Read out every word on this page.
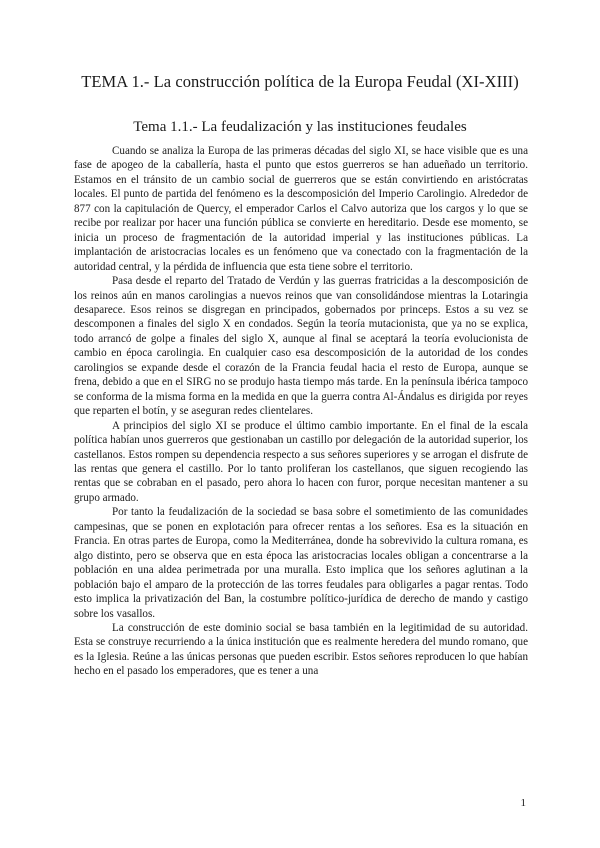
TEMA 1.- La construcción política de la Europa Feudal (XI-XIII)
Tema 1.1.- La feudalización y las instituciones feudales

Cuando se analiza la Europa de las primeras décadas del siglo XI, se hace visible que es una fase de apogeo de la caballería, hasta el punto que estos guerreros se han adueñado un territorio. Estamos en el tránsito de un cambio social de guerreros que se están convirtiendo en aristócratas locales. El punto de partida del fenómeno es la descomposición del Imperio Carolingio. Alrededor de 877 con la capitulación de Quercy, el emperador Carlos el Calvo autoriza que los cargos y lo que se recibe por realizar por hacer una función pública se convierte en hereditario. Desde ese momento, se inicia un proceso de fragmentación de la autoridad imperial y las instituciones públicas. La implantación de aristocracias locales es un fenómeno que va conectado con la fragmentación de la autoridad central, y la pérdida de influencia que esta tiene sobre el territorio.

Pasa desde el reparto del Tratado de Verdún y las guerras fratricidas a la descomposición de los reinos aún en manos carolingias a nuevos reinos que van consolidándose mientras la Lotaringia desaparece. Esos reinos se disgregan en principados, gobernados por princeps. Estos a su vez se descomponen a finales del siglo X en condados. Según la teoría mutacionista, que ya no se explica, todo arrancó de golpe a finales del siglo X, aunque al final se aceptará la teoría evolucionista de cambio en época carolingia. En cualquier caso esa descomposición de la autoridad de los condes carolingios se expande desde el corazón de la Francia feudal hacia el resto de Europa, aunque se frena, debido a que en el SIRG no se produjo hasta tiempo más tarde. En la península ibérica tampoco se conforma de la misma forma en la medida en que la guerra contra Al-Ándalus es dirigida por reyes que reparten el botín, y se aseguran redes clientelares.

A principios del siglo XI se produce el último cambio importante. En el final de la escala política habían unos guerreros que gestionaban un castillo por delegación de la autoridad superior, los castellanos. Estos rompen su dependencia respecto a sus señores superiores y se arrogan el disfrute de las rentas que genera el castillo. Por lo tanto proliferan los castellanos, que siguen recogiendo las rentas que se cobraban en el pasado, pero ahora lo hacen con furor, porque necesitan mantener a su grupo armado.

Por tanto la feudalización de la sociedad se basa sobre el sometimiento de las comunidades campesinas, que se ponen en explotación para ofrecer rentas a los señores. Esa es la situación en Francia. En otras partes de Europa, como la Mediterránea, donde ha sobrevivido la cultura romana, es algo distinto, pero se observa que en esta época las aristocracias locales obligan a concentrarse a la población en una aldea perimetrada por una muralla. Esto implica que los señores aglutinan a la población bajo el amparo de la protección de las torres feudales para obligarles a pagar rentas. Todo esto implica la privatización del Ban, la costumbre político-jurídica de derecho de mando y castigo sobre los vasallos.

La construcción de este dominio social se basa también en la legitimidad de su autoridad. Esta se construye recurriendo a la única institución que es realmente heredera del mundo romano, que es la Iglesia. Reúne a las únicas personas que pueden escribir. Estos señores reproducen lo que habían hecho en el pasado los emperadores, que es tener a una

1
